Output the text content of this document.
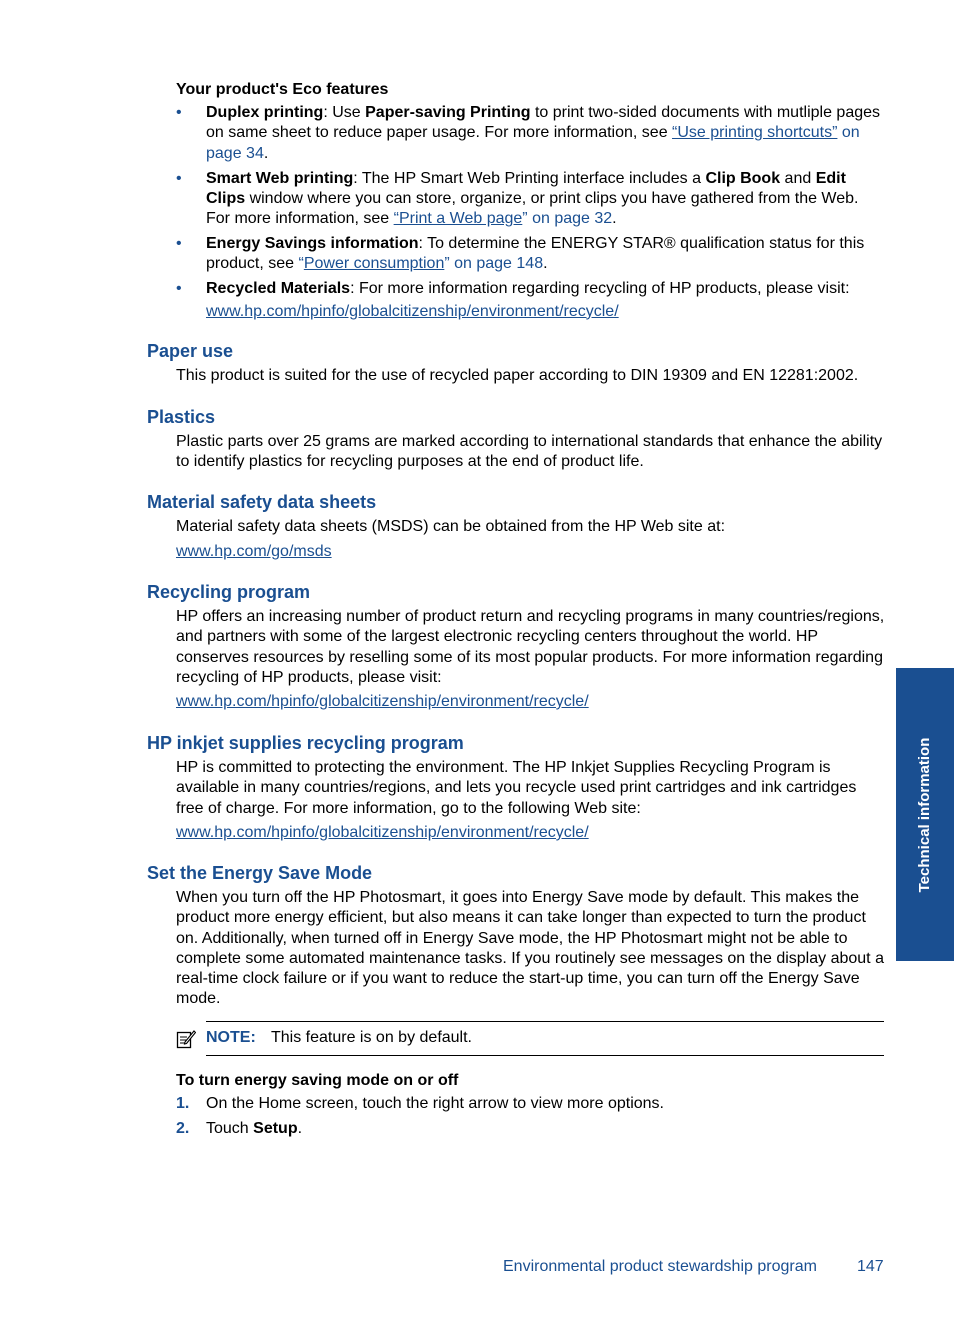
Your product's Eco features
• Duplex printing: Use Paper-saving Printing to print two-sided documents with mutliple pages on same sheet to reduce paper usage. For more information, see “Use printing shortcuts” on page 34.
• Smart Web printing: The HP Smart Web Printing interface includes a Clip Book and Edit Clips window where you can store, organize, or print clips you have gathered from the Web. For more information, see “Print a Web page” on page 32.
• Energy Savings information: To determine the ENERGY STAR® qualification status for this product, see “Power consumption” on page 148.
• Recycled Materials: For more information regarding recycling of HP products, please visit:
www.hp.com/hpinfo/globalcitizenship/environment/recycle/
Paper use

This product is suited for the use of recycled paper according to DIN 19309 and EN 12281:2002.

Plastics

Plastic parts over 25 grams are marked according to international standards that enhance the ability to identify plastics for recycling purposes at the end of product life.

Material safety data sheets

Material safety data sheets (MSDS) can be obtained from the HP Web site at:

www.hp.com/go/msds

Recycling program

HP offers an increasing number of product return and recycling programs in many countries/regions, and partners with some of the largest electronic recycling centers throughout the world. HP conserves resources by reselling some of its most popular products. For more information regarding recycling of HP products, please visit:

www.hp.com/hpinfo/globalcitizenship/environment/recycle/

HP inkjet supplies recycling program

HP is committed to protecting the environment. The HP Inkjet Supplies Recycling Program is available in many countries/regions, and lets you recycle used print cartridges and ink cartridges free of charge. For more information, go to the following Web site:

www.hp.com/hpinfo/globalcitizenship/environment/recycle/

Set the Energy Save Mode

When you turn off the HP Photosmart, it goes into Energy Save mode by default. This makes the product more energy efficient, but also means it can take longer than expected to turn the product on. Additionally, when turned off in Energy Save mode, the HP Photosmart might not be able to complete some automated maintenance tasks. If you routinely see messages on the display about a real-time clock failure or if you want to reduce the start-up time, you can turn off the Energy Save mode.

NOTE: This feature is on by default.
To turn energy saving mode on or off
1. On the Home screen, touch the right arrow to view more options.
2. Touch Setup.
Technical information
Environmental product stewardship program	147
